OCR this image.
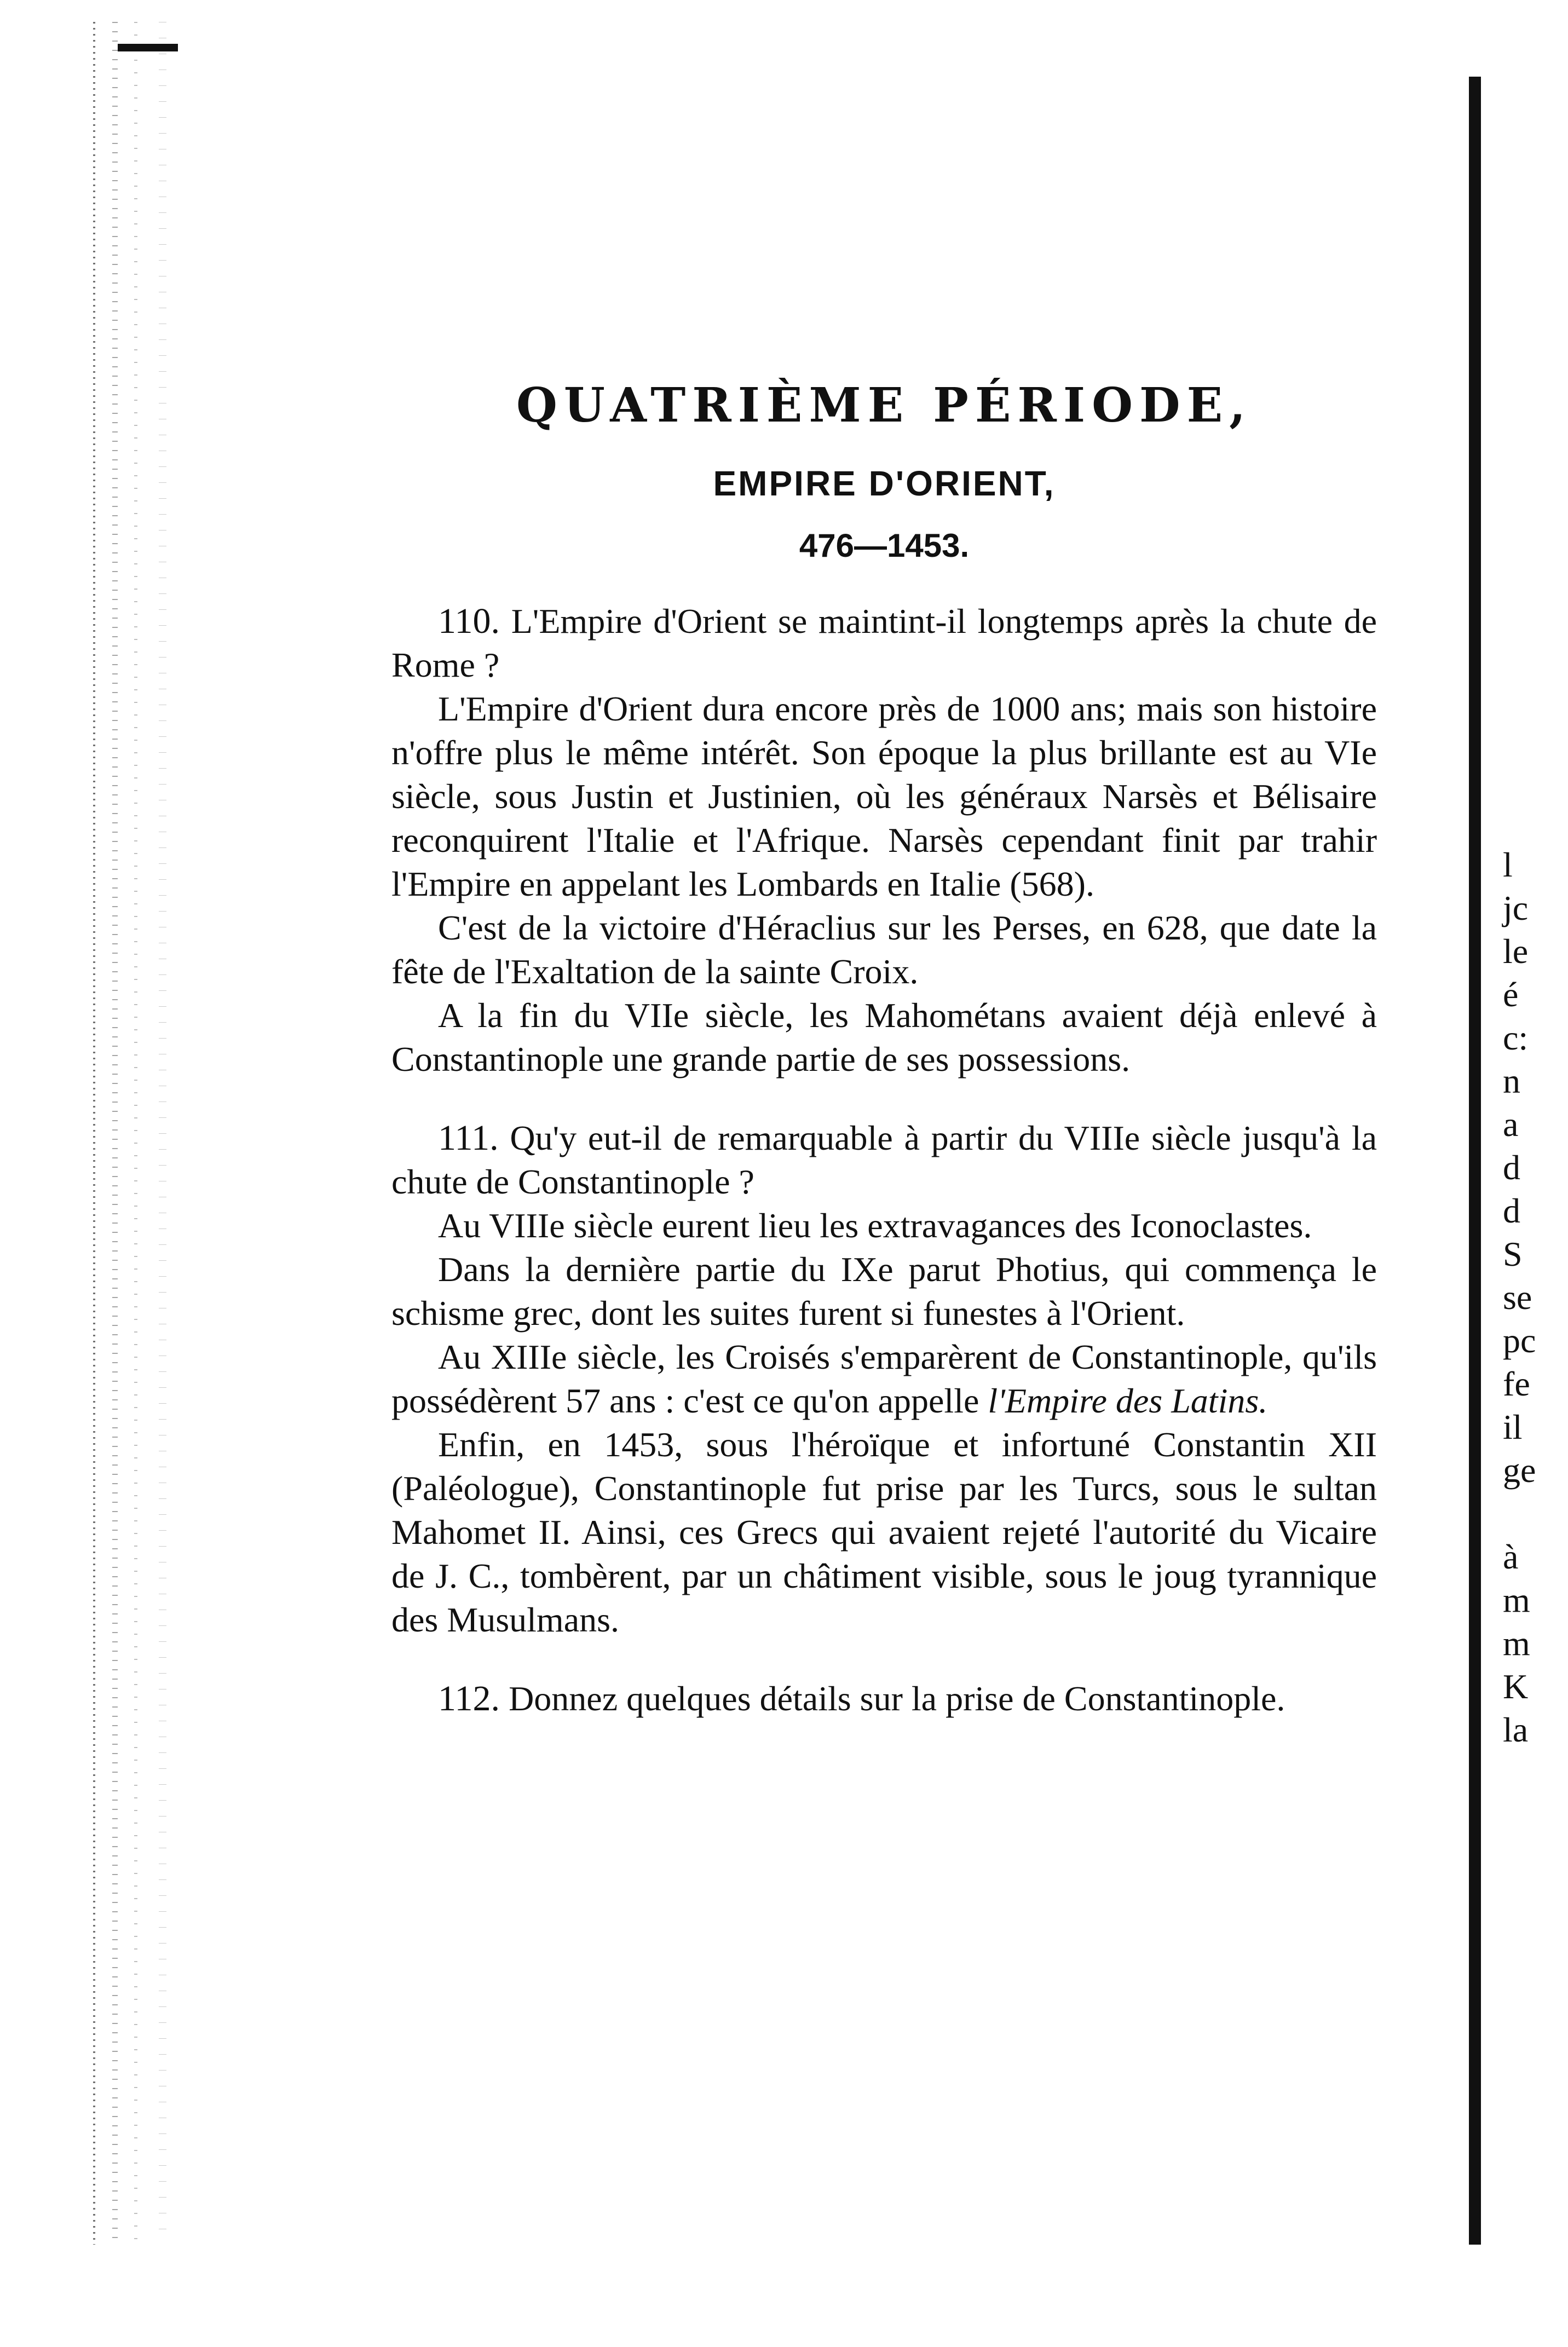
l
jc
le
é
c:
n
a
d
d
S
se
pc
fe
il
ge

à
m
m
K
la
QUATRIÈME PÉRIODE,
EMPIRE D'ORIENT,
476—1453.
110. L'Empire d'Orient se maintint-il longtemps après la chute de Rome ?
L'Empire d'Orient dura encore près de 1000 ans; mais son histoire n'offre plus le même intérêt. Son époque la plus brillante est au VIe siècle, sous Justin et Justinien, où les généraux Narsès et Bélisaire reconquirent l'Italie et l'Afrique. Narsès cependant finit par trahir l'Empire en appelant les Lombards en Italie (568).
C'est de la victoire d'Héraclius sur les Perses, en 628, que date la fête de l'Exaltation de la sainte Croix.
A la fin du VIIe siècle, les Mahométans avaient déjà enlevé à Constantinople une grande partie de ses possessions.
111. Qu'y eut-il de remarquable à partir du VIIIe siècle jusqu'à la chute de Constantinople ?
Au VIIIe siècle eurent lieu les extravagances des Iconoclastes.
Dans la dernière partie du IXe parut Photius, qui commença le schisme grec, dont les suites furent si funestes à l'Orient.
Au XIIIe siècle, les Croisés s'emparèrent de Constantinople, qu'ils possédèrent 57 ans : c'est ce qu'on appelle l'Empire des Latins.
Enfin, en 1453, sous l'héroïque et infortuné Constantin XII (Paléologue), Constantinople fut prise par les Turcs, sous le sultan Mahomet II. Ainsi, ces Grecs qui avaient rejeté l'autorité du Vicaire de J. C., tombèrent, par un châtiment visible, sous le joug tyrannique des Musulmans.
112. Donnez quelques détails sur la prise de Constantinople.
